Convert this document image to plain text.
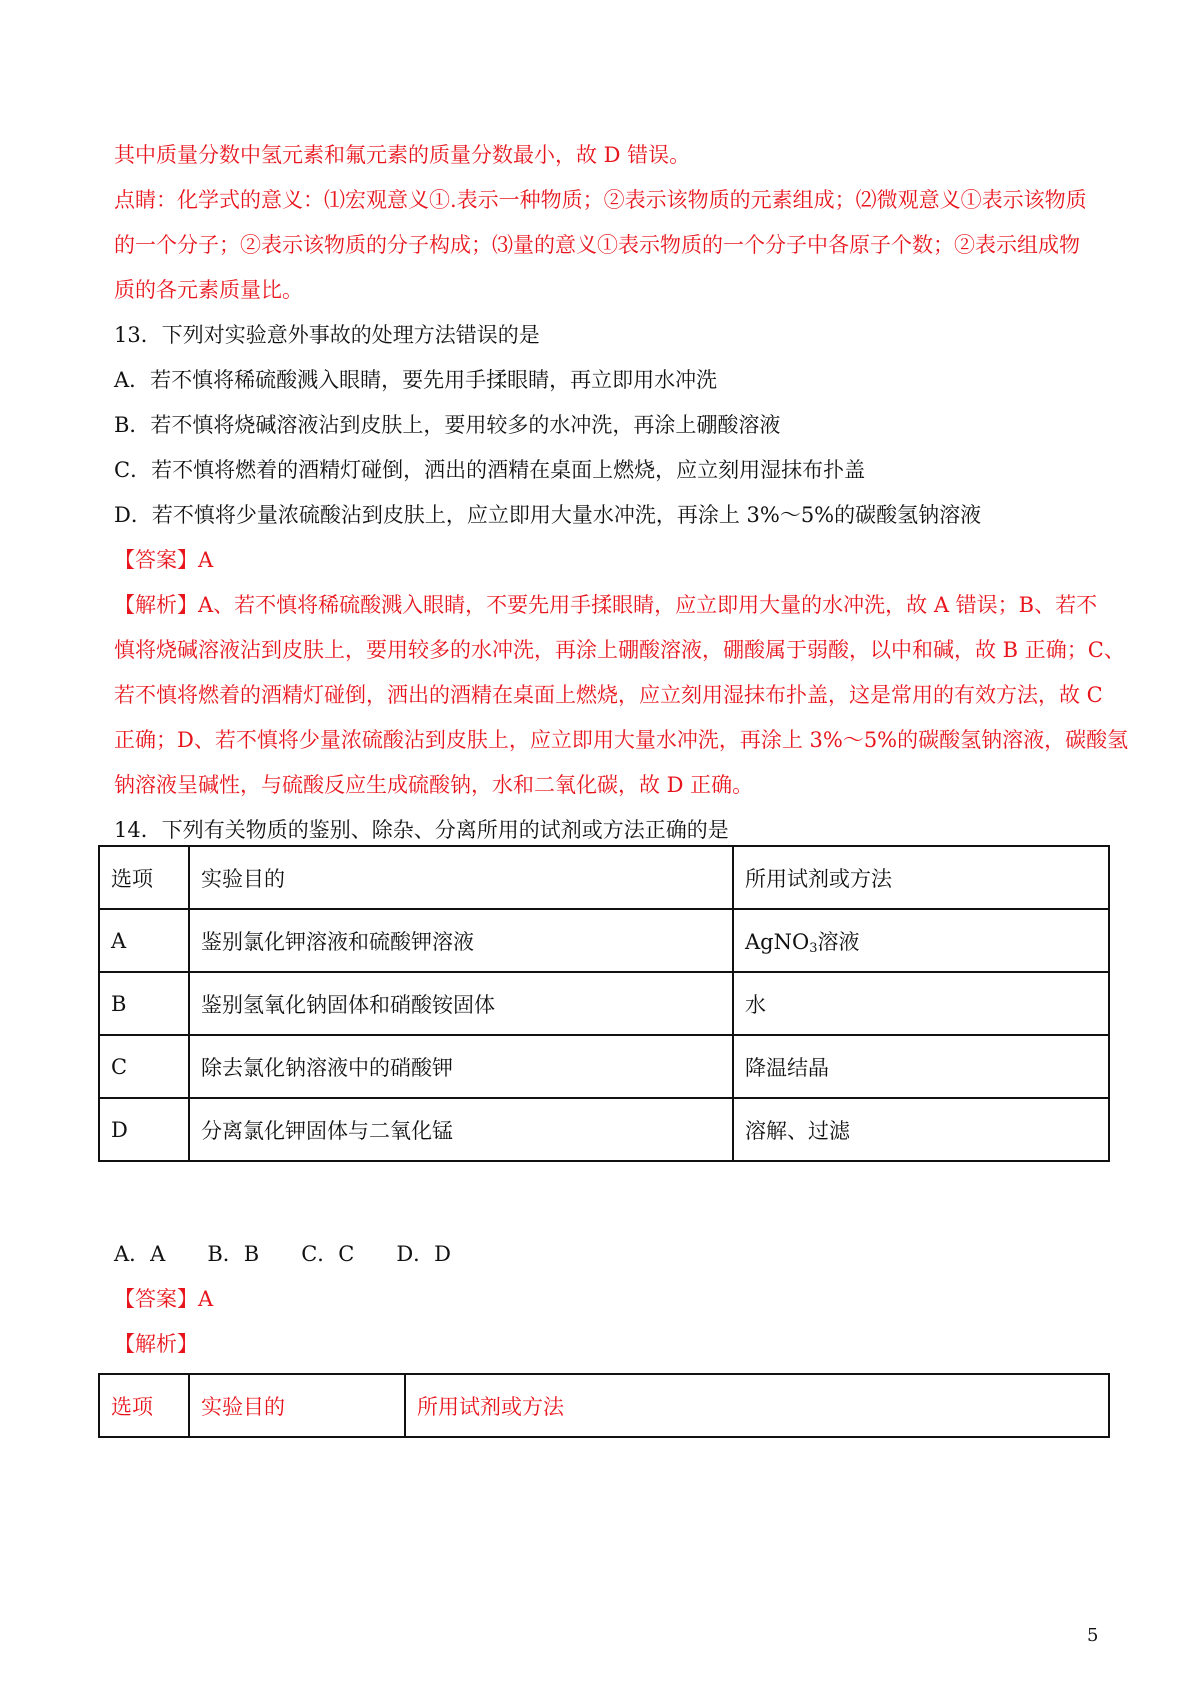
其中质量分数中氢元素和氟元素的质量分数最小，故 D 错误。
点睛：化学式的意义：⑴宏观意义①.表示一种物质；②表示该物质的元素组成；⑵微观意义①表示该物质
的一个分子；②表示该物质的分子构成；⑶量的意义①表示物质的一个分子中各原子个数；②表示组成物
质的各元素质量比。
13．下列对实验意外事故的处理方法错误的是
A．若不慎将稀硫酸溅入眼睛，要先用手揉眼睛，再立即用水冲洗
B．若不慎将烧碱溶液沾到皮肤上，要用较多的水冲洗，再涂上硼酸溶液
C．若不慎将燃着的酒精灯碰倒，洒出的酒精在桌面上燃烧，应立刻用湿抹布扑盖
D．若不慎将少量浓硫酸沾到皮肤上，应立即用大量水冲洗，再涂上 3%～5%的碳酸氢钠溶液
【答案】A
【解析】A、若不慎将稀硫酸溅入眼睛，不要先用手揉眼睛，应立即用大量的水冲洗，故 A 错误；B、若不
慎将烧碱溶液沾到皮肤上，要用较多的水冲洗，再涂上硼酸溶液，硼酸属于弱酸，以中和碱，故 B 正确；C、
若不慎将燃着的酒精灯碰倒，洒出的酒精在桌面上燃烧，应立刻用湿抹布扑盖，这是常用的有效方法，故 C
正确；D、若不慎将少量浓硫酸沾到皮肤上，应立即用大量水冲洗，再涂上 3%～5%的碳酸氢钠溶液，碳酸氢
钠溶液呈碱性，与硫酸反应生成硫酸钠，水和二氧化碳，故 D 正确。
14．下列有关物质的鉴别、除杂、分离所用的试剂或方法正确的是
选项	实验目的	所用试剂或方法
A	鉴别氯化钾溶液和硫酸钾溶液	AgNO$_3$溶液
B	鉴别氢氧化钠固体和硝酸铵固体	水
C	除去氯化钠溶液中的硝酸钾	降温结晶
D	分离氯化钾固体与二氧化锰	溶解、过滤
A．A　　B．B　　C．C　　D．D
【答案】A
【解析】
选项	实验目的	所用试剂或方法
5
